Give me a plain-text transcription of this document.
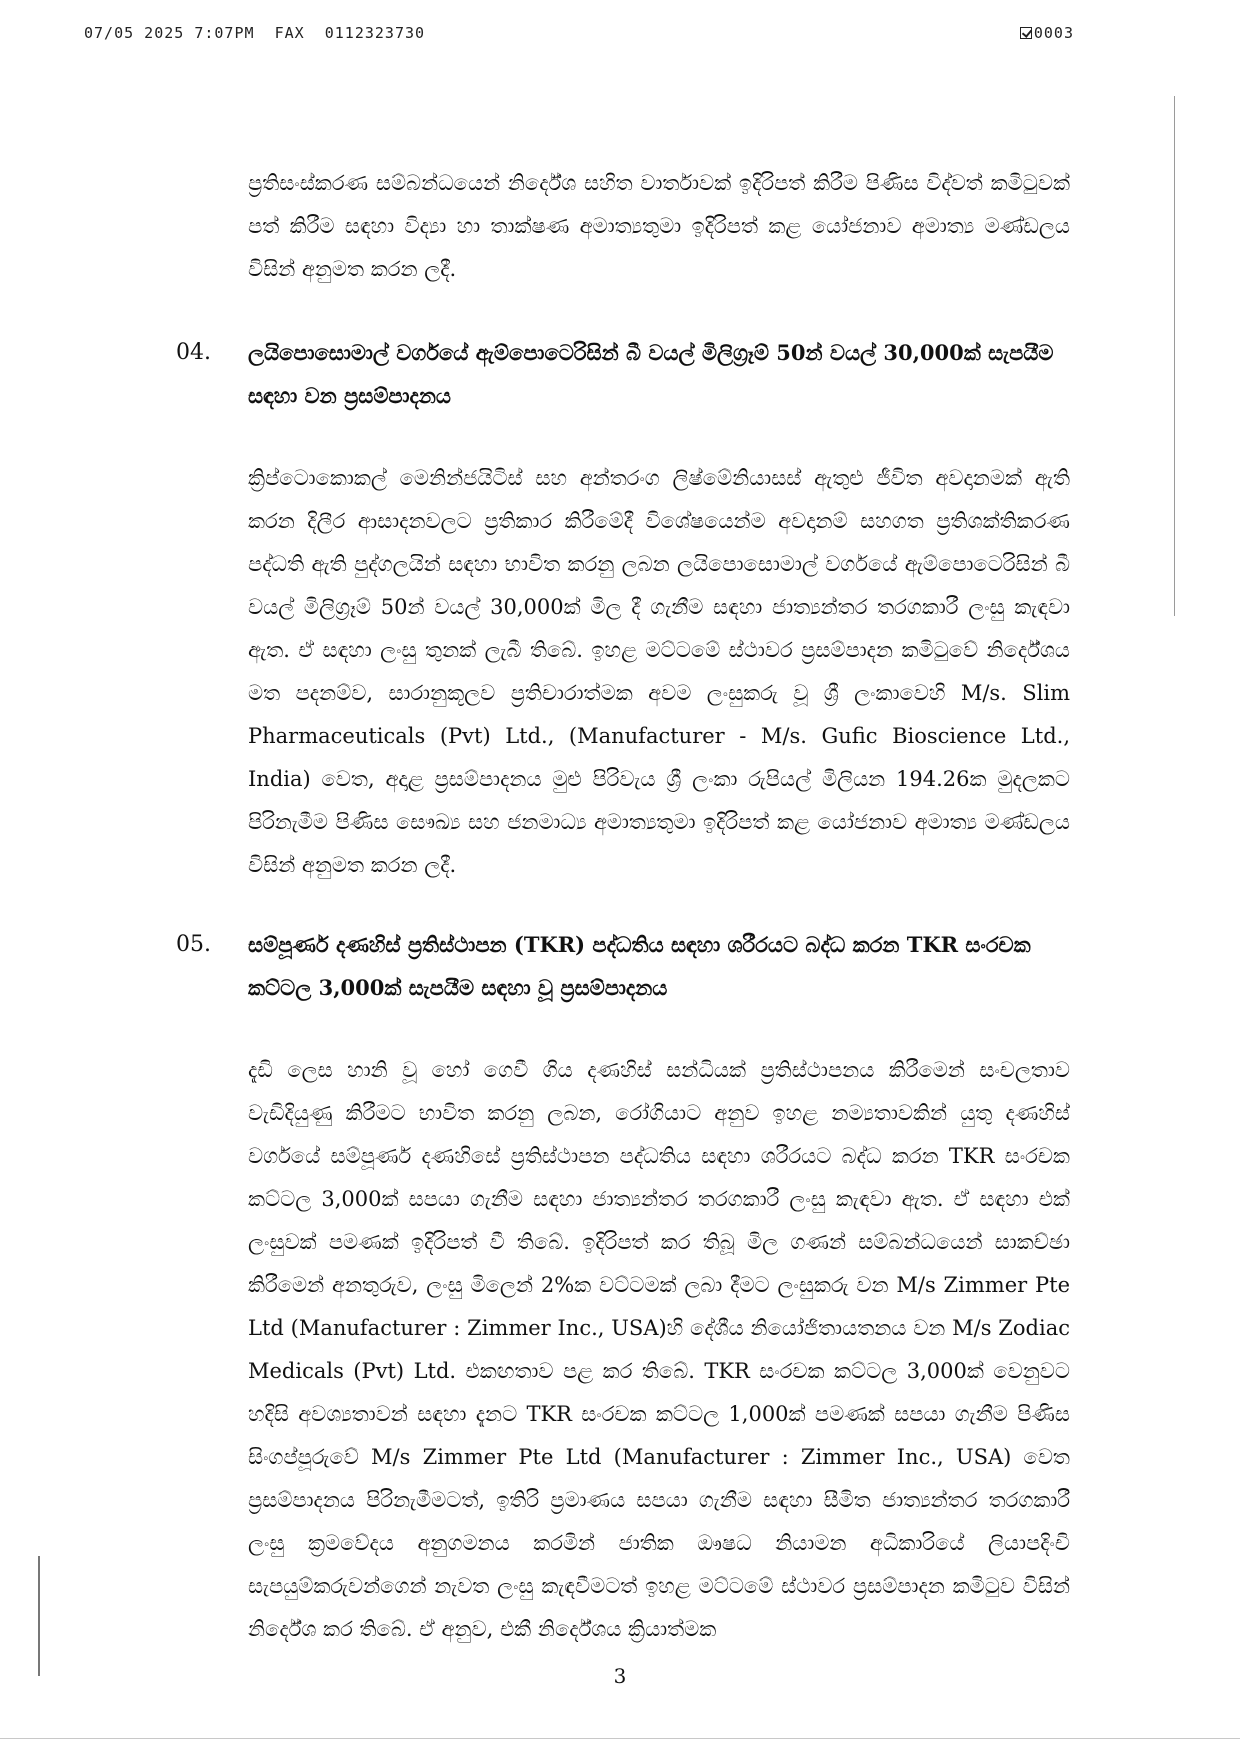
07/05 2025 7:07PM FAX 0112323730	0003

ප්‍රතිසංස්කරණ සම්බන්ධයෙන් නිර්දේශ සහිත වාර්තාවක් ඉදිරිපත් කිරීම පිණිස විද්වත් කමිටුවක් පත් කිරීම සඳහා විද්‍යා හා තාක්ෂණ අමාත්‍යතුමා ඉදිරිපත් කළ යෝජනාව අමාත්‍ය මණ්ඩලය විසින් අනුමත කරන ලදී.

04. ලයිපොසොමාල් වර්ගයේ ඇම්පොටෙරිසින් බී වයල් මිලිග්‍රෑම් 50න් වයල් 30,000ක් සැපයීම සඳහා වන ප්‍රසම්පාදනය

ක්‍රිප්ටොකොකල් මෙනින්ජයිටිස් සහ අන්තරංග ලිෂ්මේනියාසස් ඇතුළු ජීවිත අවදානමක් ඇති කරන දිලීර ආසාදනවලට ප්‍රතිකාර කිරීමේදී විශේෂයෙන්ම අවදානම් සහගත ප්‍රතිශක්තිකරණ පද්ධති ඇති පුද්ගලයින් සඳහා භාවිත කරනු ලබන ලයිපොසොමාල් වර්ගයේ ඇම්පොටෙරිසින් බී වයල් මිලිග්‍රෑම් 50න් වයල් 30,000ක් මිල දී ගැනීම සඳහා ජාත්‍යන්තර තරගකාරී ලංසු කැඳවා ඇත. ඒ සඳහා ලංසු තුනක් ලැබී තිබේ. ඉහළ මට්ටමේ ස්ථාවර ප්‍රසම්පාදන කමිටුවේ නිර්දේශය මත පදනම්ව, සාරානුකූලව ප්‍රතිචාරාත්මක අවම ලංසුකරු වූ ශ්‍රී ලංකාවෙහි M/s. Slim Pharmaceuticals (Pvt) Ltd., (Manufacturer - M/s. Gufic Bioscience Ltd., India) වෙත, අදාළ ප්‍රසම්පාදනය මුළු පිරිවැය ශ්‍රී ලංකා රුපියල් මිලියන 194.26ක මුදලකට පිරිනැමීම පිණිස සෞඛ්‍ය සහ ජනමාධ්‍ය අමාත්‍යතුමා ඉදිරිපත් කළ යෝජනාව අමාත්‍ය මණ්ඩලය විසින් අනුමත කරන ලදී.

05. සම්පූර්ණ දණහිස් ප්‍රතිස්ථාපන (TKR) පද්ධතිය සඳහා ශරීරයට බද්ධ කරන TKR සංරචක කට්ටල 3,000ක් සැපයීම සඳහා වූ ප්‍රසම්පාදනය

දැඩි ලෙස හානි වූ හෝ ගෙවී ගිය දණහිස් සන්ධියක් ප්‍රතිස්ථාපනය කිරීමෙන් සංචලතාව වැඩිදියුණු කිරීමට භාවිත කරනු ලබන, රෝගියාට අනුව ඉහළ නම්‍යතාවකින් යුතු දණහිස් වර්ගයේ සම්පූර්ණ දණහිසේ ප්‍රතිස්ථාපන පද්ධතිය සඳහා ශරීරයට බද්ධ කරන TKR සංරචක කට්ටල 3,000ක් සපයා ගැනීම සඳහා ජාත්‍යන්තර තරගකාරී ලංසු කැඳවා ඇත. ඒ සඳහා එක් ලංසුවක් පමණක් ඉදිරිපත් වී තිබේ. ඉදිරිපත් කර තිබූ මිල ගණන් සම්බන්ධයෙන් සාකච්ඡා කිරීමෙන් අනතුරුව, ලංසු මිලෙන් 2%ක වට්ටමක් ලබා දීමට ලංසුකරු වන M/s Zimmer Pte Ltd (Manufacturer : Zimmer Inc., USA)හි දේශීය නියෝජිතායතනය වන M/s Zodiac Medicals (Pvt) Ltd. එකඟතාව පළ කර තිබේ. TKR සංරචක කට්ටල 3,000ක් වෙනුවට හදිසි අවශ්‍යතාවන් සඳහා දැනට TKR සංරචක කට්ටල 1,000ක් පමණක් සපයා ගැනීම පිණිස සිංගප්පූරුවේ M/s Zimmer Pte Ltd (Manufacturer : Zimmer Inc., USA) වෙත ප්‍රසම්පාදනය පිරිනැමීමටත්, ඉතිරි ප්‍රමාණය සපයා ගැනීම සඳහා සීමිත ජාත්‍යන්තර තරගකාරී ලංසු ක්‍රමවේදය අනුගමනය කරමින් ජාතික ඖෂධ නියාමන අධිකාරියේ ලියාපදිංචි සැපයුම්කරුවන්ගෙන් නැවත ලංසු කැඳවීමටත් ඉහළ මට්ටමේ ස්ථාවර ප්‍රසම්පාදන කමිටුව විසින් නිර්දේශ කර තිබේ. ඒ අනුව, එකී නිර්දේශය ක්‍රියාත්මක

3
